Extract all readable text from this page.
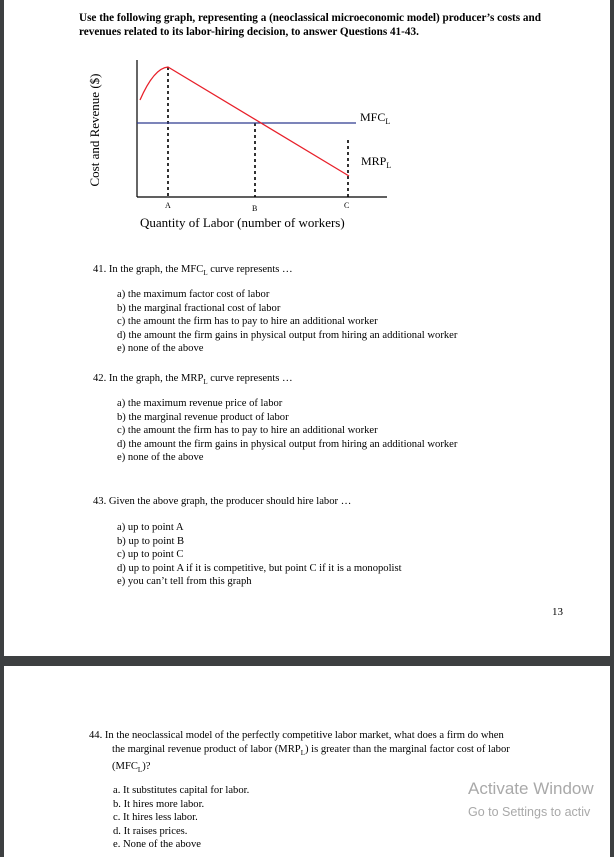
Use the following graph, representing a (neoclassical microeconomic model) producer’s costs and revenues related to its labor-hiring decision, to answer Questions 41-43.
Cost and Revenue ($)	$MFC_L$
$MRP_L$
A	B	C
Quantity of Labor (number of workers)
41. In the graph, the $MFC_L$ curve represents …
a) the maximum factor cost of labor
b) the marginal fractional cost of labor
c) the amount the firm has to pay to hire an additional worker
d) the amount the firm gains in physical output from hiring an additional worker
e) none of the above
42. In the graph, the $MRP_L$ curve represents …
a) the maximum revenue price of labor
b) the marginal revenue product of labor
c) the amount the firm has to pay to hire an additional worker
d) the amount the firm gains in physical output from hiring an additional worker
e) none of the above
43. Given the above graph, the producer should hire labor …
a) up to point A
b) up to point B
c) up to point C
d) up to point A if it is competitive, but point C if it is a monopolist
e) you can’t tell from this graph
13
44. In the neoclassical model of the perfectly competitive labor market, what does a firm do when
the marginal revenue product of labor $(MRP_L)$ is greater than the marginal factor cost of labor
$(MFC_L)$?
a. It substitutes capital for labor.
b. It hires more labor.
c. It hires less labor.
d. It raises prices.
e. None of the above
Activate Window
Go to Settings to activ
